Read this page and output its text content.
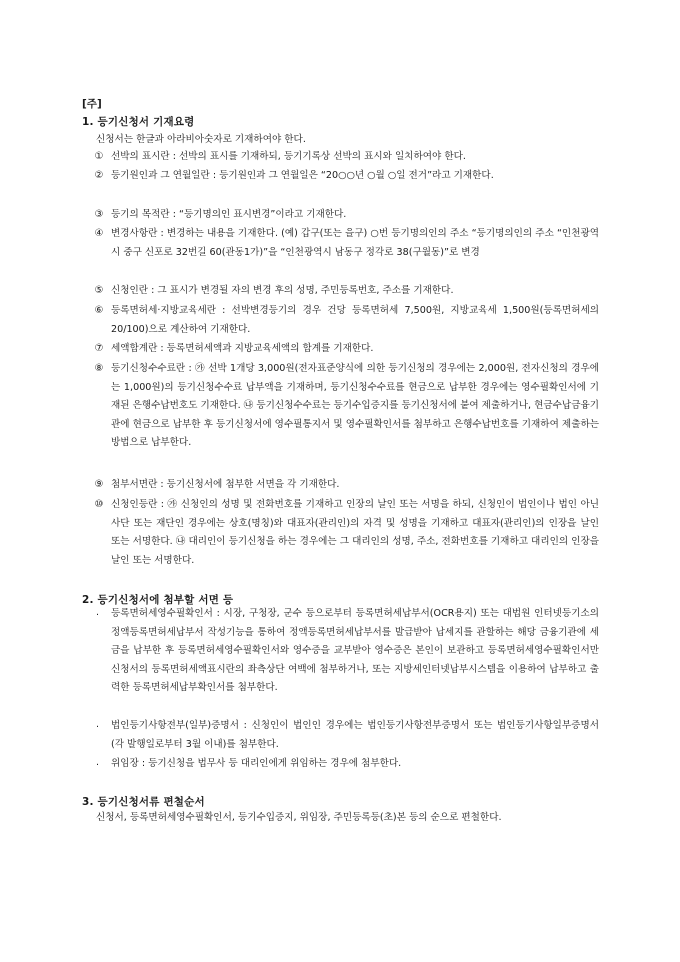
[주]
1. 등기신청서 기재요령
신청서는 한글과 아라비아숫자로 기재하여야 한다.
① 선박의 표시란 : 선박의 표시를 기재하되, 등기기록상 선박의 표시와 일치하여야 한다.
② 등기원인과 그 연월일란 : 등기원인과 그 연월일은 “20○○년 ○월 ○일 전거”라고 기재한다.
③ 등기의 목적란 : “등기명의인 표시변경”이라고 기재한다.
④ 변경사항란 : 변경하는 내용을 기재한다. (예) 갑구(또는 을구) ○번 등기명의인의 주소 “등기명의인의 주소 “인천광역시 중구 신포로 32번길 60(관동1가)”을 “인천광역시 남동구 정각로 38(구월동)”로 변경
⑤ 신청인란 : 그 표시가 변경될 자의 변경 후의 성명, 주민등록번호, 주소를 기재한다.
⑥ 등록면허세·지방교육세란 : 선박변경등기의 경우 건당 등록면허세 7,500원, 지방교육세 1,500원(등록면허세의 20/100)으로 계산하여 기재한다.
⑦ 세액합계란 : 등록면허세액과 지방교육세액의 합계를 기재한다.
⑧ 등기신청수수료란 : ㉮ 선박 1개당 3,000원(전자표준양식에 의한 등기신청의 경우에는 2,000원, 전자신청의 경우에는 1,000원)의 등기신청수수료 납부액을 기재하며, 등기신청수수료를 현금으로 납부한 경우에는 영수필확인서에 기재된 은행수납번호도 기재한다. ㉯ 등기신청수수료는 등기수입증지를 등기신청서에 붙여 제출하거나, 현금수납금융기관에 현금으로 납부한 후 등기신청서에 영수필통지서 및 영수필확인서를 첨부하고 은행수납번호를 기재하여 제출하는 방법으로 납부한다.
⑨ 첨부서면란 : 등기신청서에 첨부한 서면을 각 기재한다.
⑩ 신청인등란 : ㉮ 신청인의 성명 및 전화번호를 기재하고 인장의 날인 또는 서명을 하되, 신청인이 법인이나 법인 아닌 사단 또는 재단인 경우에는 상호(명칭)와 대표자(관리인)의 자격 및 성명을 기재하고 대표자(관리인)의 인장을 날인 또는 서명한다. ㉯ 대리인이 등기신청을 하는 경우에는 그 대리인의 성명, 주소, 전화번호를 기재하고 대리인의 인장을 날인 또는 서명한다.
2. 등기신청서에 첨부할 서면 등
· 등록면허세영수필확인서 : 시장, 구청장, 군수 등으로부터 등록면허세납부서(OCR용지) 또는 대법원 인터넷등기소의 정액등록면허세납부서 작성기능을 통하여 정액등록면허세납부서를 발급받아 납세지를 관할하는 해당 금융기관에 세금을 납부한 후 등록면허세영수필확인서와 영수증을 교부받아 영수증은 본인이 보관하고 등록면허세영수필확인서만 신청서의 등록면허세액표시란의 좌측상단 여백에 첨부하거나, 또는 지방세인터넷납부시스템을 이용하여 납부하고 출력한 등록면허세납부확인서를 첨부한다.
· 법인등기사항전부(일부)증명서 : 신청인이 법인인 경우에는 법인등기사항전부증명서 또는 법인등기사항일부증명서(각 발행일로부터 3월 이내)를 첨부한다.
· 위임장 : 등기신청을 법무사 등 대리인에게 위임하는 경우에 첨부한다.
3. 등기신청서류 편철순서
신청서, 등록면허세영수필확인서, 등기수입증지, 위임장, 주민등록등(초)본 등의 순으로 편철한다.
